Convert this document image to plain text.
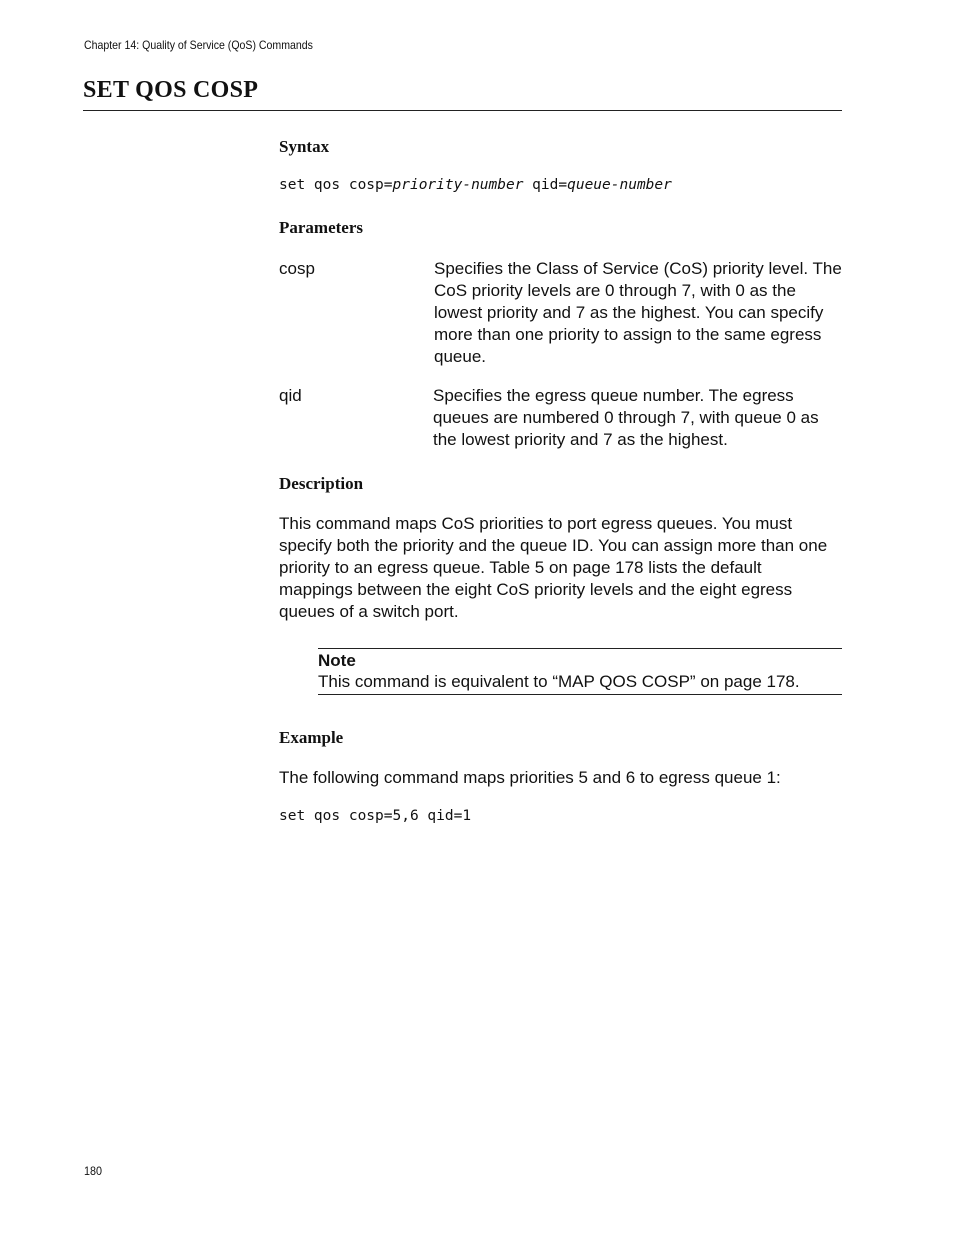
Chapter 14: Quality of Service (QoS) Commands
SET QOS COSP
Syntax
set qos cosp=priority-number qid=queue-number
Parameters
cosp	Specifies the Class of Service (CoS) priority level. The
CoS priority levels are 0 through 7, with 0 as the
lowest priority and 7 as the highest. You can specify
more than one priority to assign to the same egress
queue.
qid	Specifies the egress queue number. The egress
queues are numbered 0 through 7, with queue 0 as
the lowest priority and 7 as the highest.
Description
This command maps CoS priorities to port egress queues. You must
specify both the priority and the queue ID. You can assign more than one
priority to an egress queue. Table 5 on page 178 lists the default
mappings between the eight CoS priority levels and the eight egress
queues of a switch port.
Note
This command is equivalent to “MAP QOS COSP” on page 178.
Example
The following command maps priorities 5 and 6 to egress queue 1:
set qos cosp=5,6 qid=1
180
